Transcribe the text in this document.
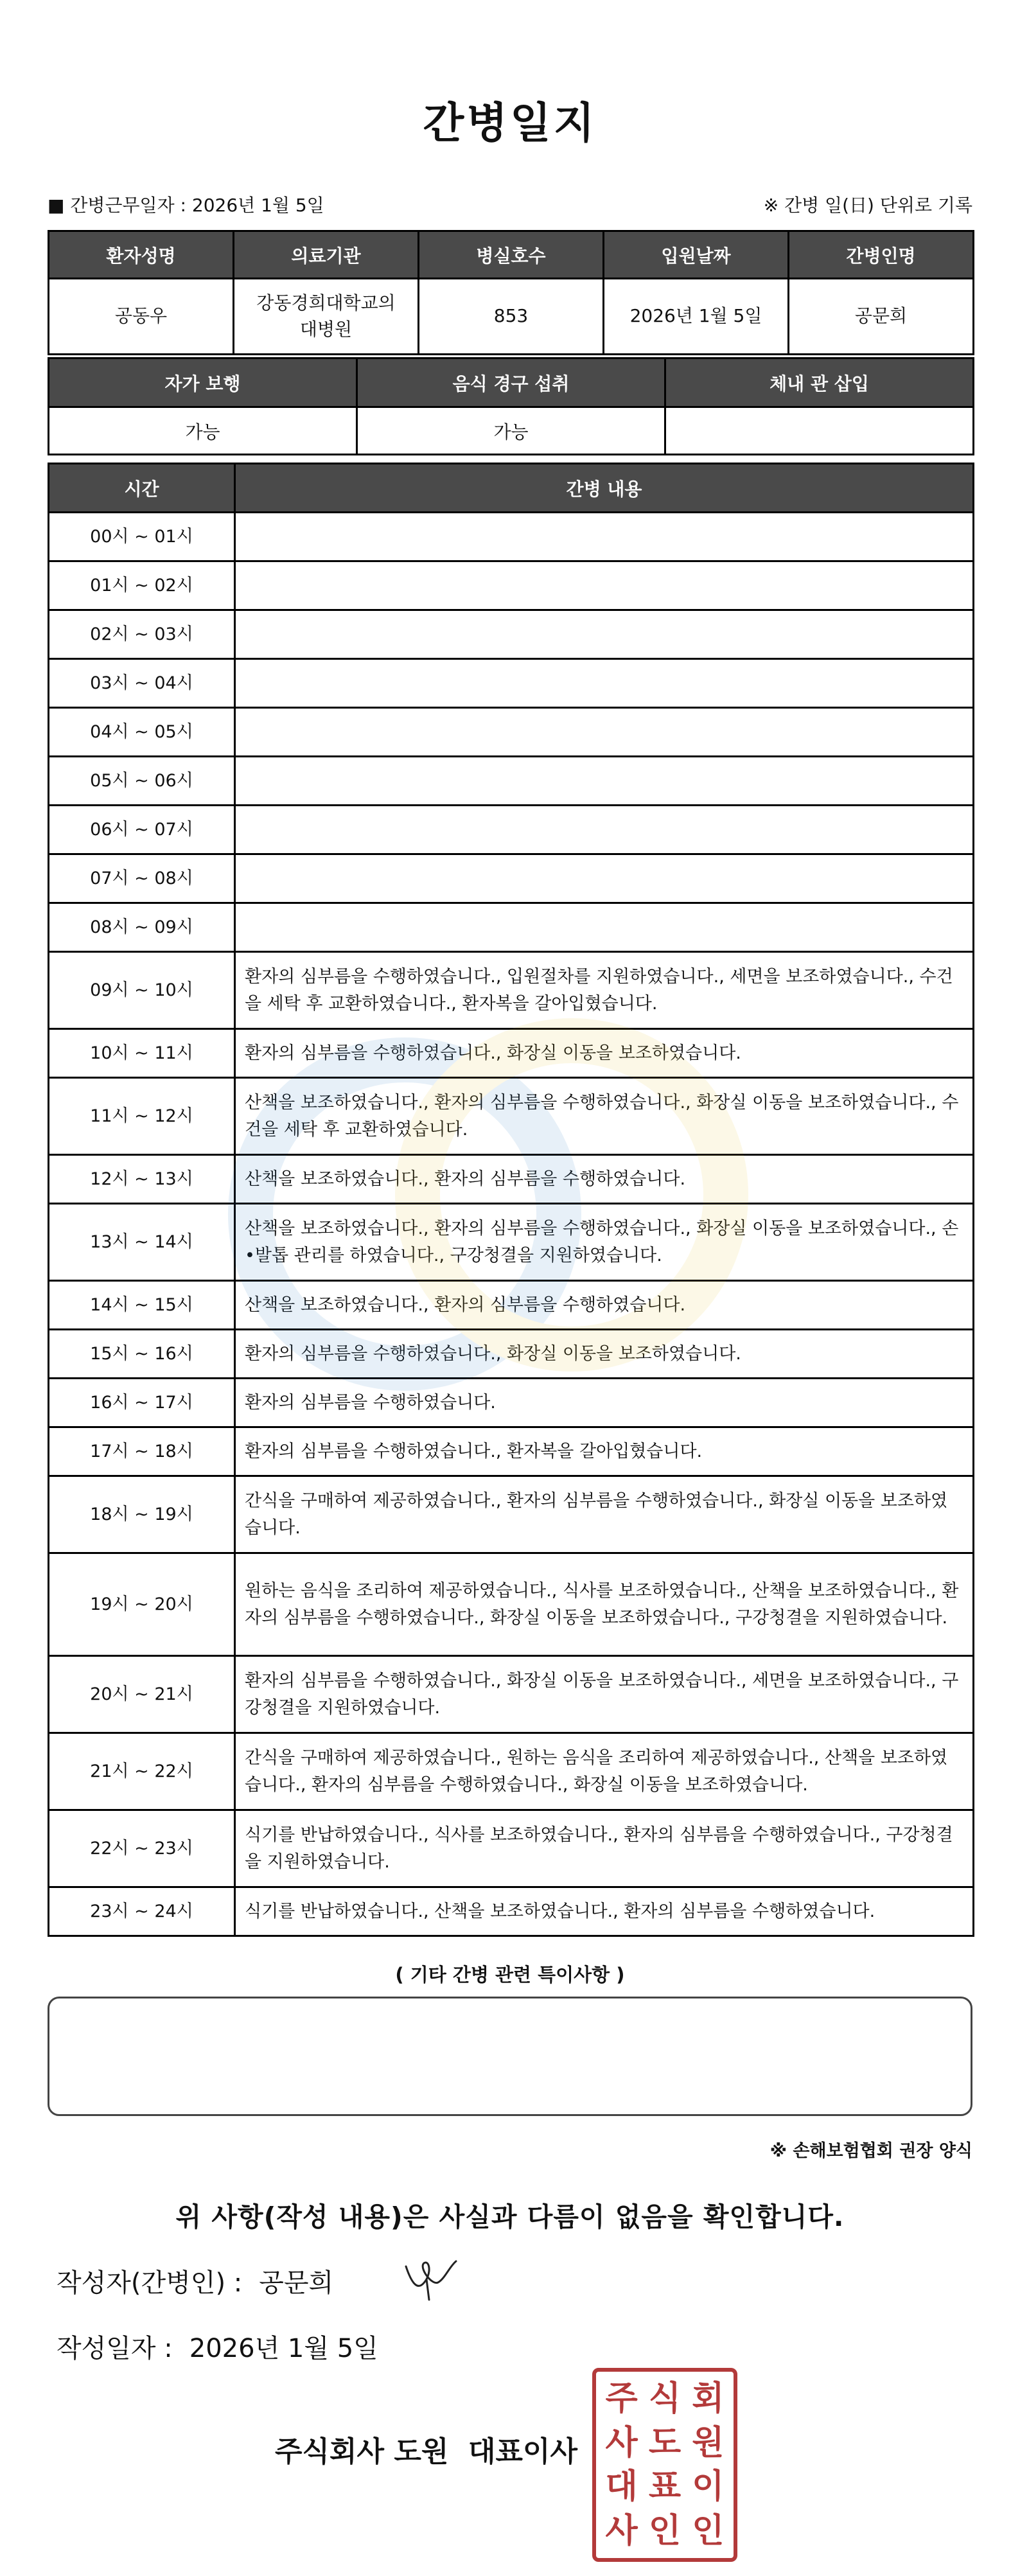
간병일지
■ 간병근무일자 : 2026년 1월 5일	※ 간병 일(日) 단위로 기록
환자성명	의료기관	병실호수	입원날짜	간병인명
공동우	강동경희대학교의대병원	853	2026년 1월 5일	공문희
자가 보행	음식 경구 섭취	체내 관 삽입
가능	가능	
시간	간병 내용
00시 ~ 01시	
01시 ~ 02시	
02시 ~ 03시	
03시 ~ 04시	
04시 ~ 05시	
05시 ~ 06시	
06시 ~ 07시	
07시 ~ 08시	
08시 ~ 09시	
09시 ~ 10시	환자의 심부름을 수행하였습니다., 입원절차를 지원하였습니다., 세면을 보조하였습니다., 수건을 세탁 후 교환하였습니다., 환자복을 갈아입혔습니다.
10시 ~ 11시	환자의 심부름을 수행하였습니다., 화장실 이동을 보조하였습니다.
11시 ~ 12시	산책을 보조하였습니다., 환자의 심부름을 수행하였습니다., 화장실 이동을 보조하였습니다., 수건을 세탁 후 교환하였습니다.
12시 ~ 13시	산책을 보조하였습니다., 환자의 심부름을 수행하였습니다.
13시 ~ 14시	산책을 보조하였습니다., 환자의 심부름을 수행하였습니다., 화장실 이동을 보조하였습니다., 손•발톱 관리를 하였습니다., 구강청결을 지원하였습니다.
14시 ~ 15시	산책을 보조하였습니다., 환자의 심부름을 수행하였습니다.
15시 ~ 16시	환자의 심부름을 수행하였습니다., 화장실 이동을 보조하였습니다.
16시 ~ 17시	환자의 심부름을 수행하였습니다.
17시 ~ 18시	환자의 심부름을 수행하였습니다., 환자복을 갈아입혔습니다.
18시 ~ 19시	간식을 구매하여 제공하였습니다., 환자의 심부름을 수행하였습니다., 화장실 이동을 보조하였습니다.
19시 ~ 20시	원하는 음식을 조리하여 제공하였습니다., 식사를 보조하였습니다., 산책을 보조하였습니다., 환자의 심부름을 수행하였습니다., 화장실 이동을 보조하였습니다., 구강청결을 지원하였습니다.
20시 ~ 21시	환자의 심부름을 수행하였습니다., 화장실 이동을 보조하였습니다., 세면을 보조하였습니다., 구강청결을 지원하였습니다.
21시 ~ 22시	간식을 구매하여 제공하였습니다., 원하는 음식을 조리하여 제공하였습니다., 산책을 보조하였습니다., 환자의 심부름을 수행하였습니다., 화장실 이동을 보조하였습니다.
22시 ~ 23시	식기를 반납하였습니다., 식사를 보조하였습니다., 환자의 심부름을 수행하였습니다., 구강청결을 지원하였습니다.
23시 ~ 24시	식기를 반납하였습니다., 산책을 보조하였습니다., 환자의 심부름을 수행하였습니다.
( 기타 간병 관련 특이사항 )
※ 손해보험협회 권장 양식
위 사항(작성 내용)은 사실과 다름이 없음을 확인합니다.
작성자(간병인) : 공문희
작성일자 : 2026년 1월 5일
주식회사 도원  대표이사
주 식 회
사 도 원
대 표 이
사 인 인
